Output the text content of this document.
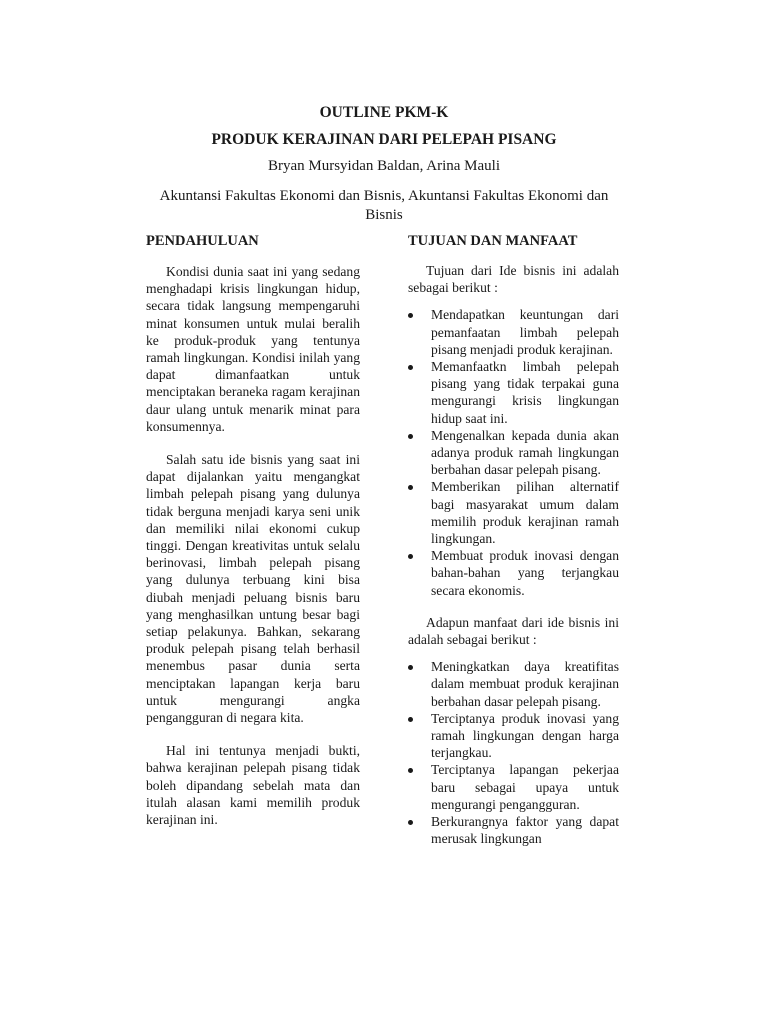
OUTLINE PKM-K
PRODUK KERAJINAN DARI PELEPAH PISANG
Bryan Mursyidan Baldan, Arina Mauli
Akuntansi Fakultas Ekonomi dan Bisnis, Akuntansi Fakultas Ekonomi dan Bisnis
PENDAHULUAN

Kondisi dunia saat ini yang sedang menghadapi krisis lingkungan hidup, secara tidak langsung mempengaruhi minat konsumen untuk mulai beralih ke produk-produk yang tentunya ramah lingkungan. Kondisi inilah yang dapat dimanfaatkan untuk menciptakan beraneka ragam kerajinan daur ulang untuk menarik minat para konsumennya.

Salah satu ide bisnis yang saat ini dapat dijalankan yaitu mengangkat limbah pelepah pisang yang dulunya tidak berguna menjadi karya seni unik dan memiliki nilai ekonomi cukup tinggi. Dengan kreativitas untuk selalu berinovasi, limbah pelepah pisang yang dulunya terbuang kini bisa diubah menjadi peluang bisnis baru yang menghasilkan untung besar bagi setiap pelakunya. Bahkan, sekarang produk pelepah pisang telah berhasil menembus pasar dunia serta menciptakan lapangan kerja baru untuk mengurangi angka pengangguran di negara kita.

Hal ini tentunya menjadi bukti, bahwa kerajinan pelepah pisang tidak boleh dipandang sebelah mata dan itulah alasan kami memilih produk kerajinan ini.

TUJUAN DAN MANFAAT

Tujuan dari Ide bisnis ini adalah sebagai berikut :

Mendapatkan keuntungan dari pemanfaatan limbah pelepah pisang menjadi produk kerajinan.
Memanfaatkn limbah pelepah pisang yang tidak terpakai guna mengurangi krisis lingkungan hidup saat ini.
Mengenalkan kepada dunia akan adanya produk ramah lingkungan berbahan dasar pelepah pisang.
Memberikan pilihan alternatif bagi masyarakat umum dalam memilih produk kerajinan ramah lingkungan.
Membuat produk inovasi dengan bahan-bahan yang terjangkau secara ekonomis.

Adapun manfaat dari ide bisnis ini adalah sebagai berikut :

Meningkatkan daya kreatifitas dalam membuat produk kerajinan berbahan dasar pelepah pisang.
Terciptanya produk inovasi yang ramah lingkungan dengan harga terjangkau.
Terciptanya lapangan pekerjaa baru sebagai upaya untuk mengurangi pengangguran.
Berkurangnya faktor yang dapat merusak lingkungan
